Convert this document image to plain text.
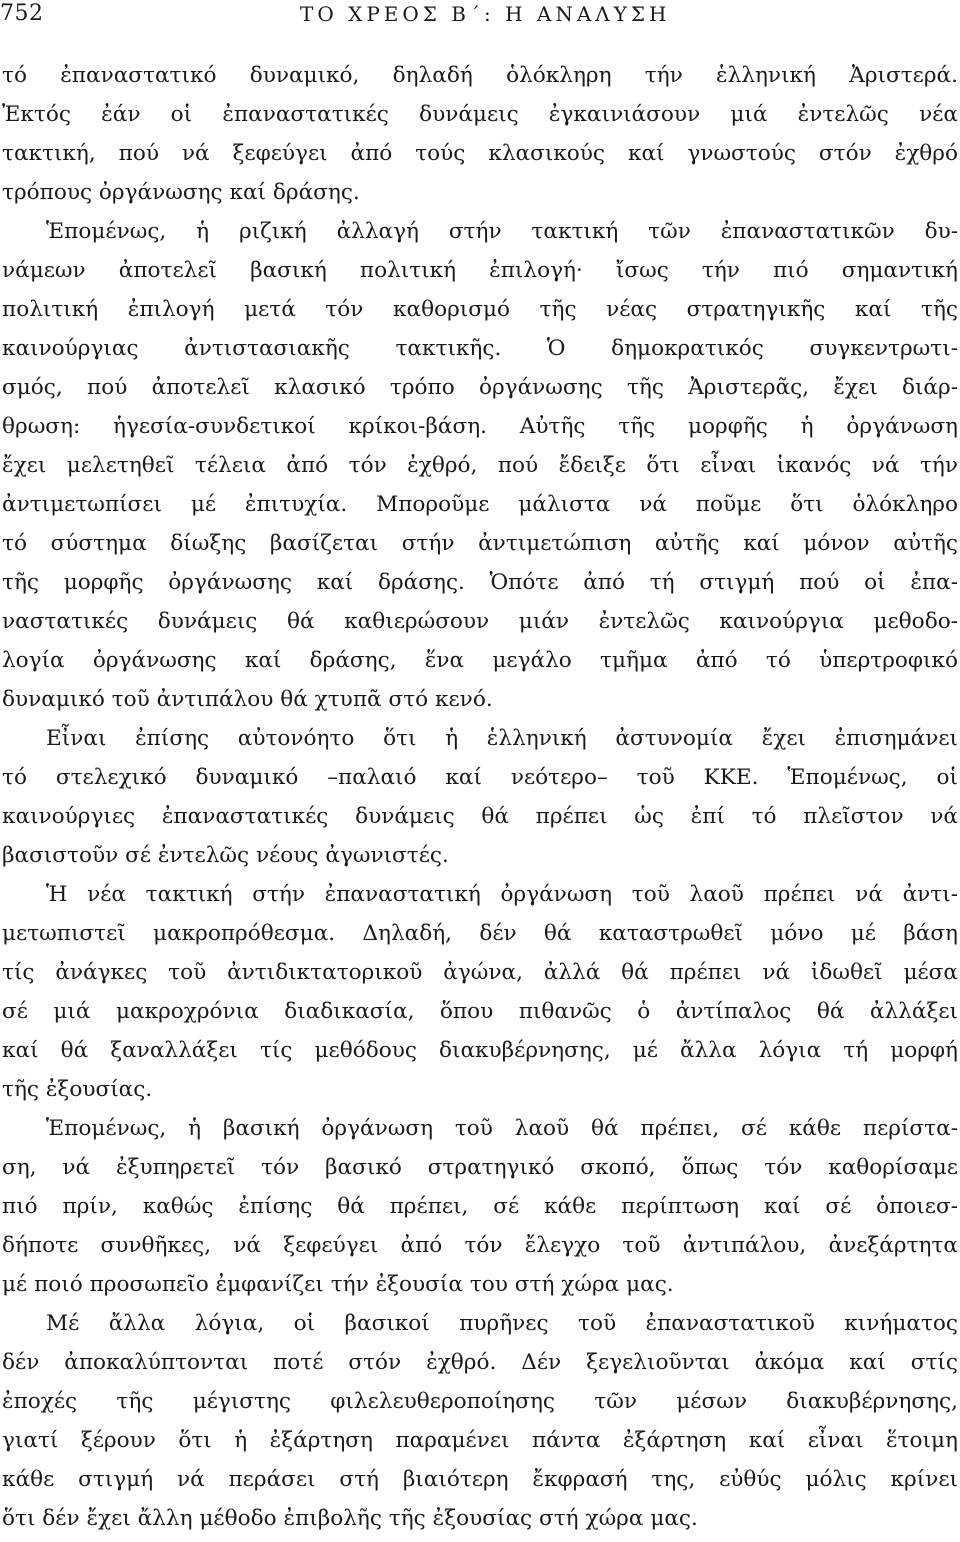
752	ΤΟ ΧΡΕΟΣ Β΄: Η ΑΝΑΛΥΣΗ
τό ἐπαναστατικό δυναμικό, δηλαδή ὁλόκληρη τήν ἑλληνική Ἀριστερά.
Ἐκτός ἐάν οἱ ἐπαναστατικές δυνάμεις ἐγκαινιάσουν μιά ἐντελῶς νέα
τακτική, πού νά ξεφεύγει ἀπό τούς κλασικούς καί γνωστούς στόν ἐχθρό
τρόπους ὀργάνωσης καί δράσης.
Ἑπομένως, ἡ ριζική ἀλλαγή στήν τακτική τῶν ἐπαναστατικῶν δυ-
νάμεων ἀποτελεῖ βασική πολιτική ἐπιλογή· ἴσως τήν πιό σημαντική
πολιτική ἐπιλογή μετά τόν καθορισμό τῆς νέας στρατηγικῆς καί τῆς
καινούργιας ἀντιστασιακῆς τακτικῆς. Ὁ δημοκρατικός συγκεντρωτι-
σμός, πού ἀποτελεῖ κλασικό τρόπο ὀργάνωσης τῆς Ἀριστερᾶς, ἔχει διάρ-
θρωση: ἡγεσία-συνδετικοί κρίκοι-βάση. Αὐτῆς τῆς μορφῆς ἡ ὀργάνωση
ἔχει μελετηθεῖ τέλεια ἀπό τόν ἐχθρό, πού ἔδειξε ὅτι εἶναι ἱκανός νά τήν
ἀντιμετωπίσει μέ ἐπιτυχία. Μποροῦμε μάλιστα νά ποῦμε ὅτι ὁλόκληρο
τό σύστημα δίωξης βασίζεται στήν ἀντιμετώπιση αὐτῆς καί μόνον αὐτῆς
τῆς μορφῆς ὀργάνωσης καί δράσης. Ὁπότε ἀπό τή στιγμή πού οἱ ἐπα-
ναστατικές δυνάμεις θά καθιερώσουν μιάν ἐντελῶς καινούργια μεθοδο-
λογία ὀργάνωσης καί δράσης, ἕνα μεγάλο τμῆμα ἀπό τό ὑπερτροφικό
δυναμικό τοῦ ἀντιπάλου θά χτυπᾶ στό κενό.
Εἶναι ἐπίσης αὐτονόητο ὅτι ἡ ἑλληνική ἀστυνομία ἔχει ἐπισημάνει
τό στελεχικό δυναμικό –παλαιό καί νεότερο– τοῦ ΚΚΕ. Ἑπομένως, οἱ
καινούργιες ἐπαναστατικές δυνάμεις θά πρέπει ὡς ἐπί τό πλεῖστον νά
βασιστοῦν σέ ἐντελῶς νέους ἀγωνιστές.
Ἡ νέα τακτική στήν ἐπαναστατική ὀργάνωση τοῦ λαοῦ πρέπει νά ἀντι-
μετωπιστεῖ μακροπρόθεσμα. Δηλαδή, δέν θά καταστρωθεῖ μόνο μέ βάση
τίς ἀνάγκες τοῦ ἀντιδικτατορικοῦ ἀγώνα, ἀλλά θά πρέπει νά ἰδωθεῖ μέσα
σέ μιά μακροχρόνια διαδικασία, ὅπου πιθανῶς ὁ ἀντίπαλος θά ἀλλάξει
καί θά ξαναλλάξει τίς μεθόδους διακυβέρνησης, μέ ἄλλα λόγια τή μορφή
τῆς ἐξουσίας.
Ἑπομένως, ἡ βασική ὀργάνωση τοῦ λαοῦ θά πρέπει, σέ κάθε περίστα-
ση, νά ἐξυπηρετεῖ τόν βασικό στρατηγικό σκοπό, ὅπως τόν καθορίσαμε
πιό πρίν, καθώς ἐπίσης θά πρέπει, σέ κάθε περίπτωση καί σέ ὁποιεσ-
δήποτε συνθῆκες, νά ξεφεύγει ἀπό τόν ἔλεγχο τοῦ ἀντιπάλου, ἀνεξάρτητα
μέ ποιό προσωπεῖο ἐμφανίζει τήν ἐξουσία του στή χώρα μας.
Μέ ἄλλα λόγια, οἱ βασικοί πυρῆνες τοῦ ἐπαναστατικοῦ κινήματος
δέν ἀποκαλύπτονται ποτέ στόν ἐχθρό. Δέν ξεγελιοῦνται ἀκόμα καί στίς
ἐποχές τῆς μέγιστης φιλελευθεροποίησης τῶν μέσων διακυβέρνησης,
γιατί ξέρουν ὅτι ἡ ἐξάρτηση παραμένει πάντα ἐξάρτηση καί εἶναι ἕτοιμη
κάθε στιγμή νά περάσει στή βιαιότερη ἔκφρασή της, εὐθύς μόλις κρίνει
ὅτι δέν ἔχει ἄλλη μέθοδο ἐπιβολῆς τῆς ἐξουσίας στή χώρα μας.
